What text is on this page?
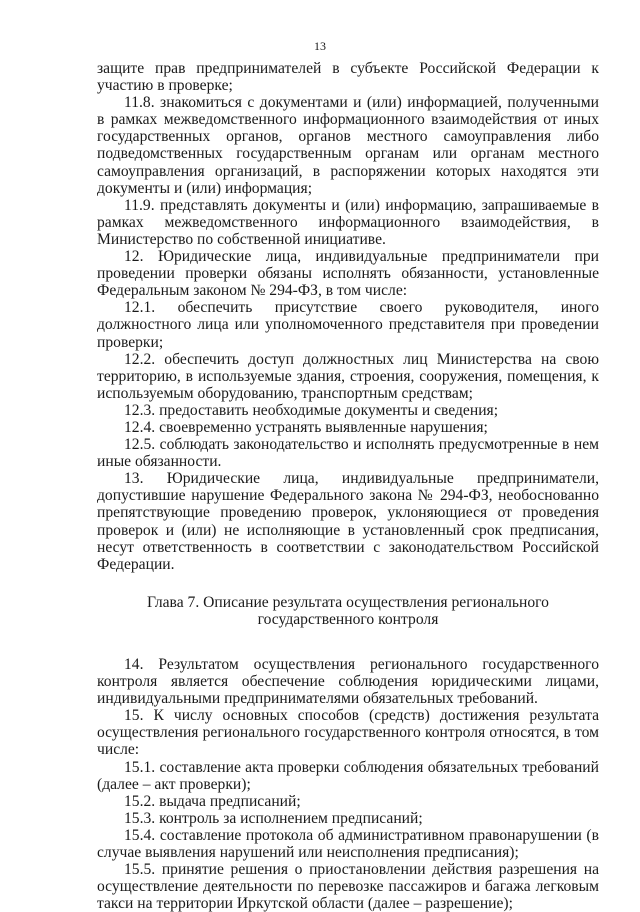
13

защите прав предпринимателей в субъекте Российской Федерации к участию в проверке;

11.8. знакомиться с документами и (или) информацией, полученными в рамках межведомственного информационного взаимодействия от иных государственных органов, органов местного самоуправления либо подведомственных государственным органам или органам местного самоуправления организаций, в распоряжении которых находятся эти документы и (или) информация;

11.9. представлять документы и (или) информацию, запрашиваемые в рамках межведомственного информационного взаимодействия, в Министерство по собственной инициативе.

12. Юридические лица, индивидуальные предприниматели при проведении проверки обязаны исполнять обязанности, установленные Федеральным законом № 294-ФЗ, в том числе:

12.1. обеспечить присутствие своего руководителя, иного должностного лица или уполномоченного представителя при проведении проверки;

12.2. обеспечить доступ должностных лиц Министерства на свою территорию, в используемые здания, строения, сооружения, помещения, к используемым оборудованию, транспортным средствам;

12.3. предоставить необходимые документы и сведения;

12.4. своевременно устранять выявленные нарушения;

12.5. соблюдать законодательство и исполнять предусмотренные в нем иные обязанности.

13. Юридические лица, индивидуальные предприниматели, допустившие нарушение Федерального закона № 294-ФЗ, необоснованно препятствующие проведению проверок, уклоняющиеся от проведения проверок и (или) не исполняющие в установленный срок предписания, несут ответственность в соответствии с законодательством Российской Федерации.

Глава 7. Описание результата осуществления регионального государственного контроля

14. Результатом осуществления регионального государственного контроля является обеспечение соблюдения юридическими лицами, индивидуальными предпринимателями обязательных требований.

15. К числу основных способов (средств) достижения результата осуществления регионального государственного контроля относятся, в том числе:

15.1. составление акта проверки соблюдения обязательных требований (далее – акт проверки);

15.2. выдача предписаний;

15.3. контроль за исполнением предписаний;

15.4. составление протокола об административном правонарушении (в случае выявления нарушений или неисполнения предписания);

15.5. принятие решения о приостановлении действия разрешения на осуществление деятельности по перевозке пассажиров и багажа легковым такси на территории Иркутской области (далее – разрешение);
